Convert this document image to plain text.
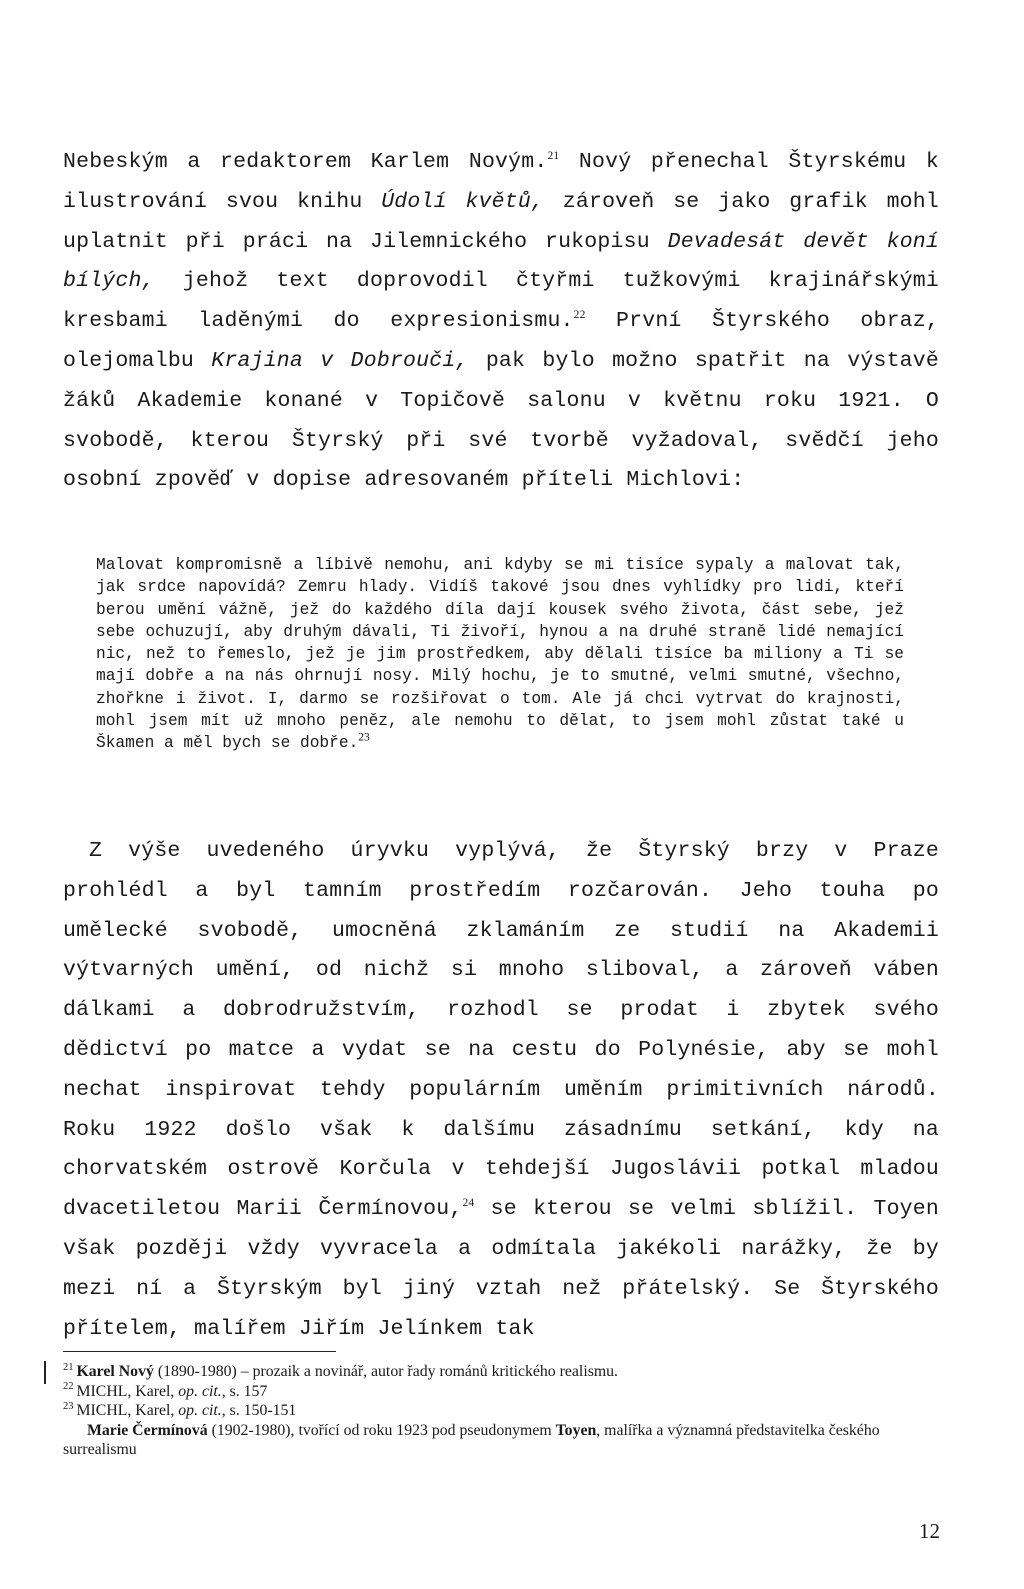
Nebeským a redaktorem Karlem Novým.$^{21}$ Nový přenechal Štyrskému k ilustrování svou knihu Údolí květů, zároveň se jako grafik mohl uplatnit při práci na Jilemnického rukopisu Devadesát devět koní bílých, jehož text doprovodil čtyřmi tužkovými krajinářskými kresbami laděnými do expresionismu.$^{22}$ První Štyrského obraz, olejomalbu Krajina v Dobrouči, pak bylo možno spatřit na výstavě žáků Akademie konané v Topičově salonu v květnu roku 1921. O svobodě, kterou Štyrský při své tvorbě vyžadoval, svědčí jeho osobní zpověď v dopise adresovaném příteli Michlovi:

Malovat kompromisně a líbivě nemohu, ani kdyby se mi tisíce sypaly a malovat tak, jak srdce napovídá? Zemru hlady. Vidíš takové jsou dnes vyhlídky pro lidi, kteří berou umění vážně, jež do každého díla dají kousek svého života, část sebe, jež sebe ochuzují, aby druhým dávali, Ti živoří, hynou a na druhé straně lidé nemající nic, než to řemeslo, jež je jim prostředkem, aby dělali tisíce ba miliony a Ti se mají dobře a na nás ohrnují nosy. Milý hochu, je to smutné, velmi smutné, všechno, zhořkne i život. I, darmo se rozšiřovat o tom. Ale já chci vytrvat do krajnosti, mohl jsem mít už mnoho peněz, ale nemohu to dělat, to jsem mohl zůstat také u Škamen a měl bych se dobře.$^{23}$

Z výše uvedeného úryvku vyplývá, že Štyrský brzy v Praze prohlédl a byl tamním prostředím rozčarován. Jeho touha po umělecké svobodě, umocněná zklamáním ze studií na Akademii výtvarných umění, od nichž si mnoho sliboval, a zároveň váben dálkami a dobrodružstvím, rozhodl se prodat i zbytek svého dědictví po matce a vydat se na cestu do Polynésie, aby se mohl nechat inspirovat tehdy populárním uměním primitivních národů. Roku 1922 došlo však k dalšímu zásadnímu setkání, kdy na chorvatském ostrově Korčula v tehdejší Jugoslávii potkal mladou dvacetiletou Marii Čermínovou,$^{24}$ se kterou se velmi sblížil. Toyen však později vždy vyvracela a odmítala jakékoli narážky, že by mezi ní a Štyrským byl jiný vztah než přátelský. Se Štyrského přítelem, malířem Jiřím Jelínkem tak

$^{21}$ Karel Nový (1890-1980) – prozaik a novinář, autor řady románů kritického realismu.

$^{22}$ MICHL, Karel, op. cit., s. 157

$^{23}$ MICHL, Karel, op. cit., s. 150-151

Marie Čermínová (1902-1980), tvořící od roku 1923 pod pseudonymem Toyen, malířka a významná představitelka českého surrealismu

12
